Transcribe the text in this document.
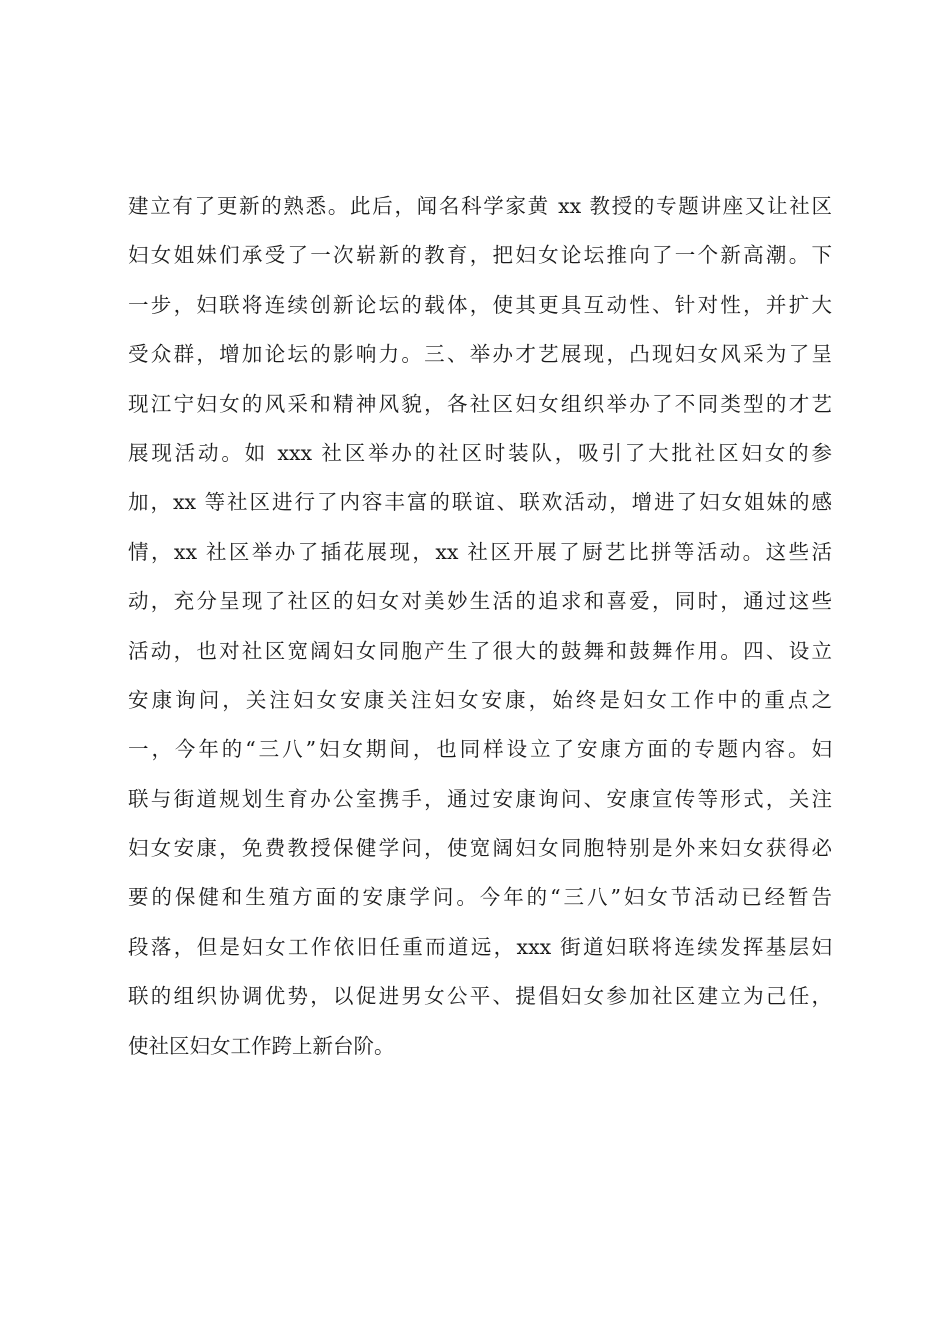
建立有了更新的熟悉。此后，闻名科学家黄 xx 教授的专题讲座又让社区
妇女姐妹们承受了一次崭新的教育，把妇女论坛推向了一个新高潮。下
一步，妇联将连续创新论坛的载体，使其更具互动性、针对性，并扩大
受众群，增加论坛的影响力。三、举办才艺展现，凸现妇女风采为了呈
现江宁妇女的风采和精神风貌，各社区妇女组织举办了不同类型的才艺
展现活动。如 xxx 社区举办的社区时装队，吸引了大批社区妇女的参
加，xx 等社区进行了内容丰富的联谊、联欢活动，增进了妇女姐妹的感
情，xx 社区举办了插花展现，xx 社区开展了厨艺比拼等活动。这些活
动，充分呈现了社区的妇女对美妙生活的追求和喜爱，同时，通过这些
活动，也对社区宽阔妇女同胞产生了很大的鼓舞和鼓舞作用。四、设立
安康询问，关注妇女安康关注妇女安康，始终是妇女工作中的重点之
一，今年的“三八”妇女期间，也同样设立了安康方面的专题内容。妇
联与街道规划生育办公室携手，通过安康询问、安康宣传等形式，关注
妇女安康，免费教授保健学问，使宽阔妇女同胞特别是外来妇女获得必
要的保健和生殖方面的安康学问。今年的“三八”妇女节活动已经暂告
段落，但是妇女工作依旧任重而道远，xxx 街道妇联将连续发挥基层妇
联的组织协调优势，以促进男女公平、提倡妇女参加社区建立为己任，
使社区妇女工作跨上新台阶。
